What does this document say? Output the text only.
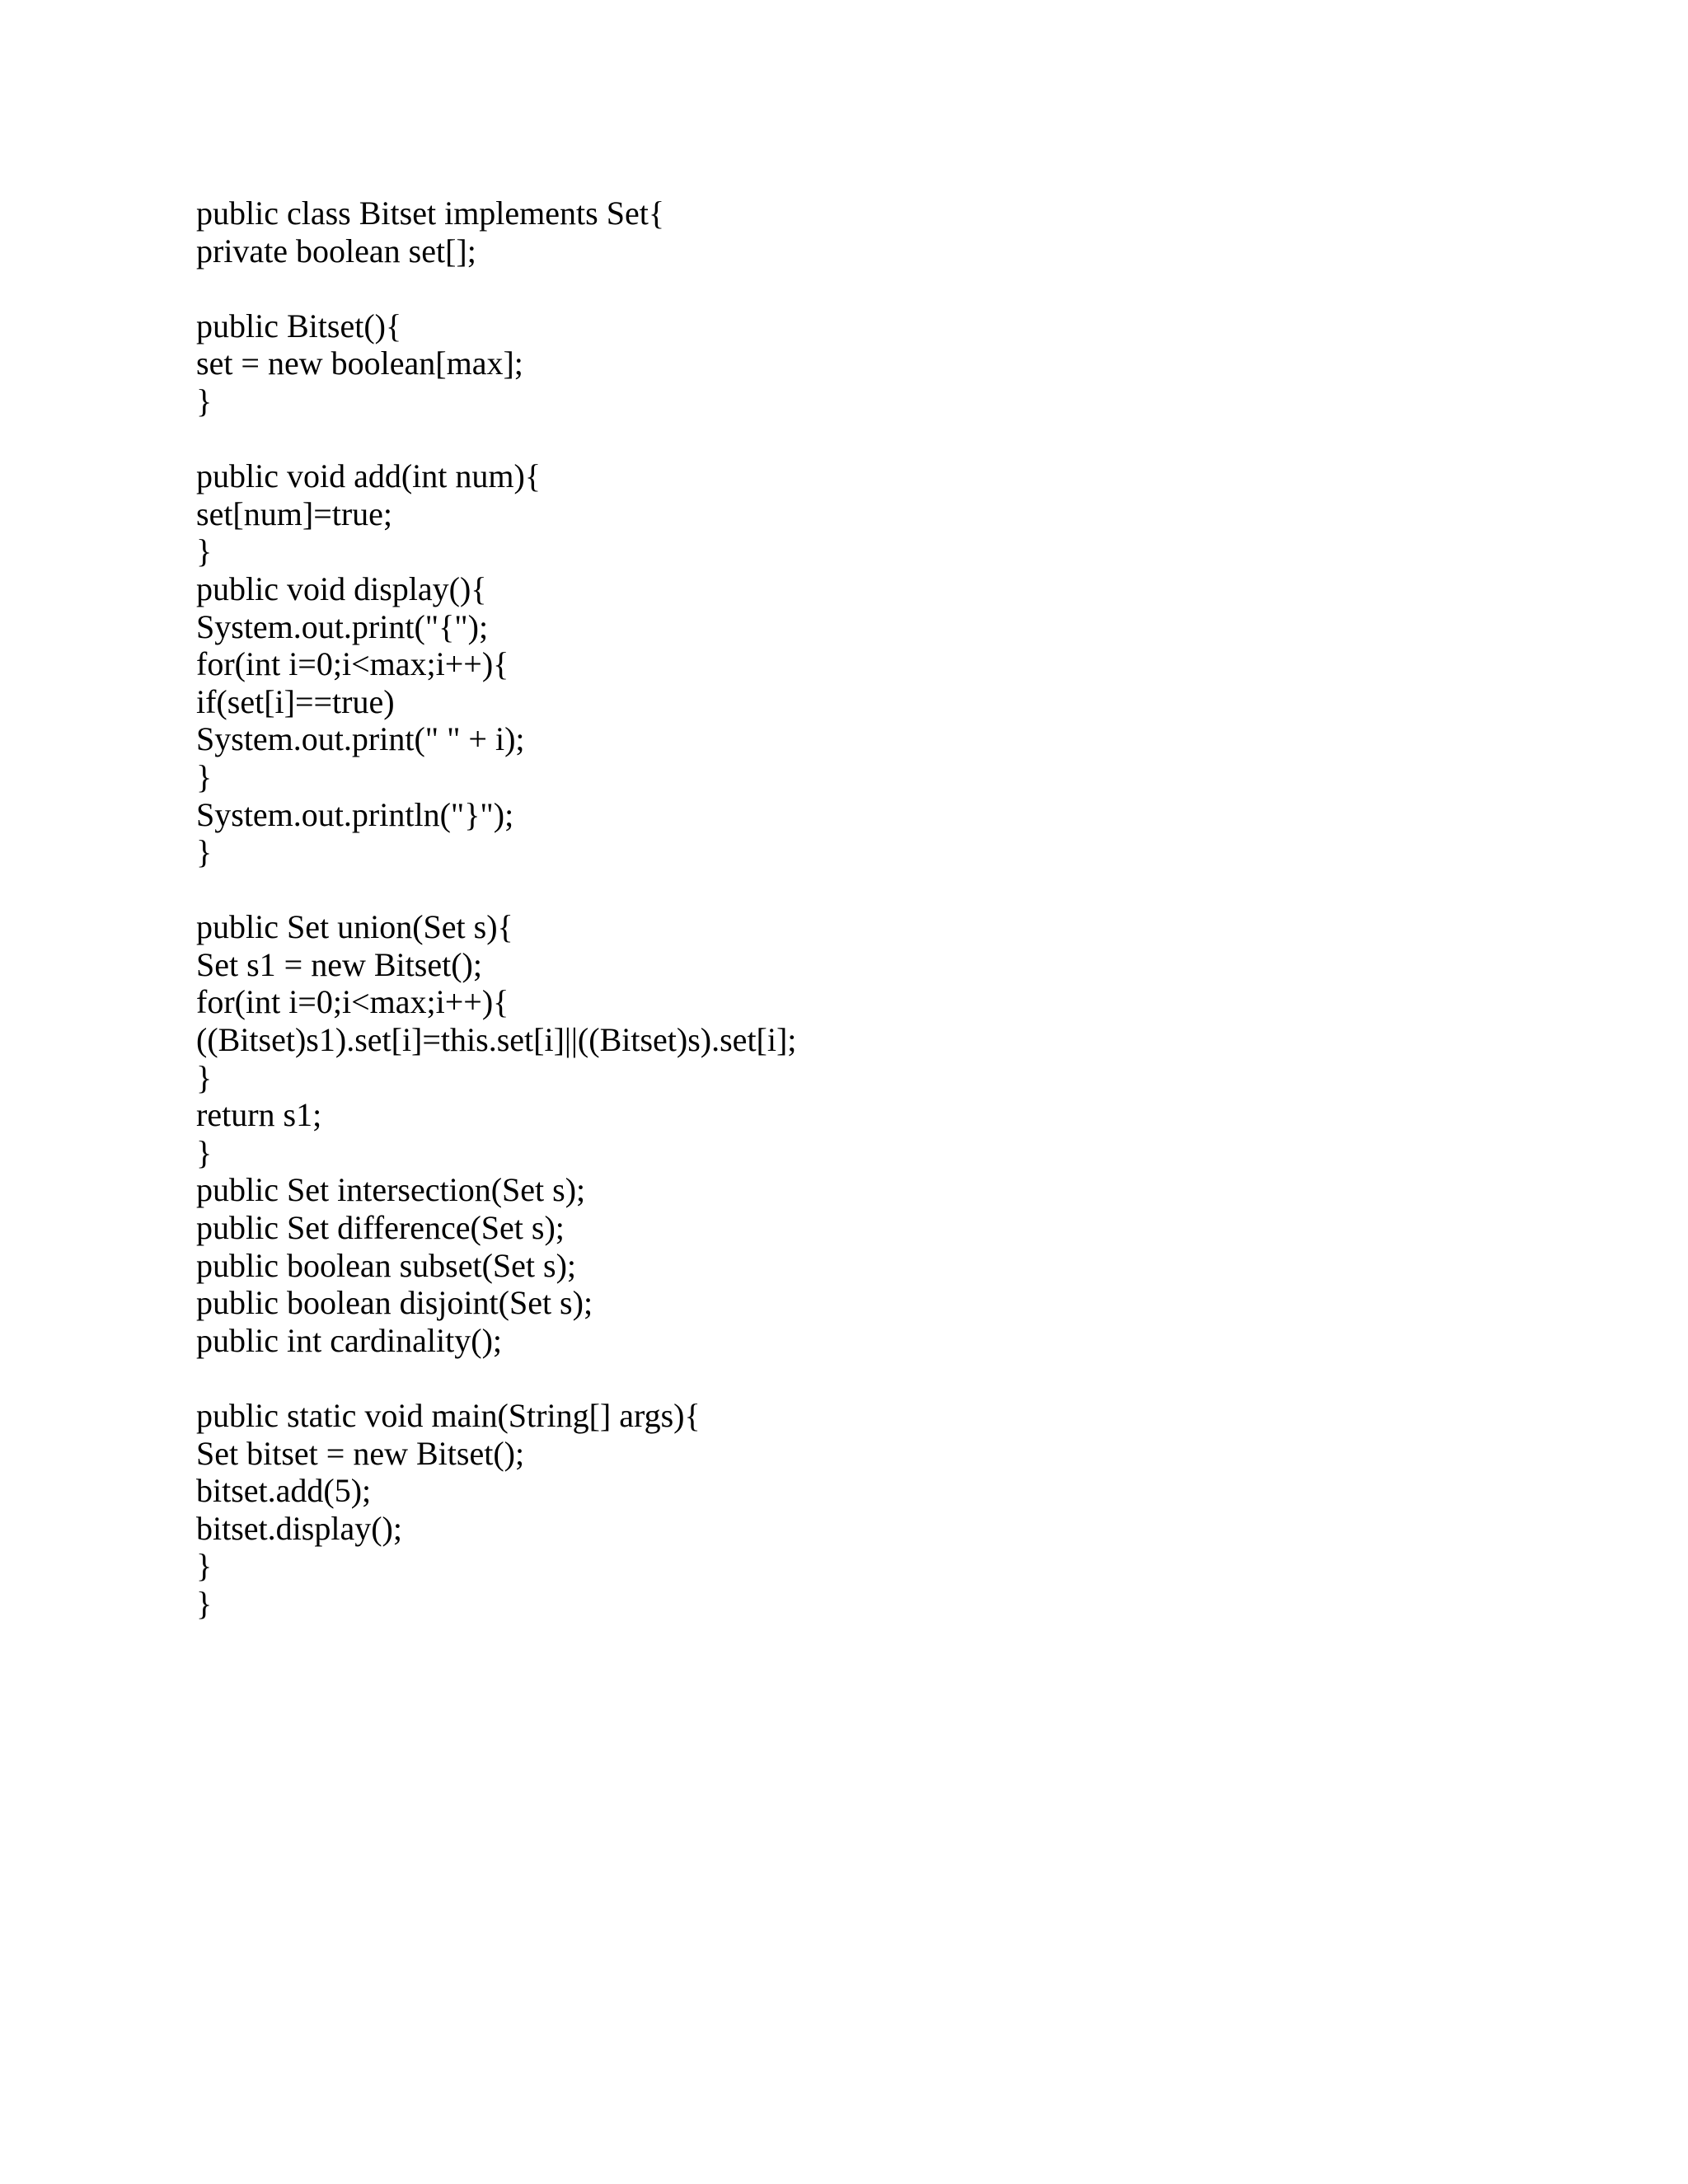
public class Bitset implements Set{
private boolean set[];
public Bitset(){
set = new boolean[max];
}
public void add(int num){
set[num]=true;
}
public void display(){
System.out.print("{");
for(int i=0;i<max;i++){
if(set[i]==true)
System.out.print(" " + i);
}
System.out.println("}");
}
public Set union(Set s){
Set s1 = new Bitset();
for(int i=0;i<max;i++){
((Bitset)s1).set[i]=this.set[i]||((Bitset)s).set[i];
}
return s1;
}
public Set intersection(Set s);
public Set difference(Set s);
public boolean subset(Set s);
public boolean disjoint(Set s);
public int cardinality();
public static void main(String[] args){
Set bitset = new Bitset();
bitset.add(5);
bitset.display();
}
}
